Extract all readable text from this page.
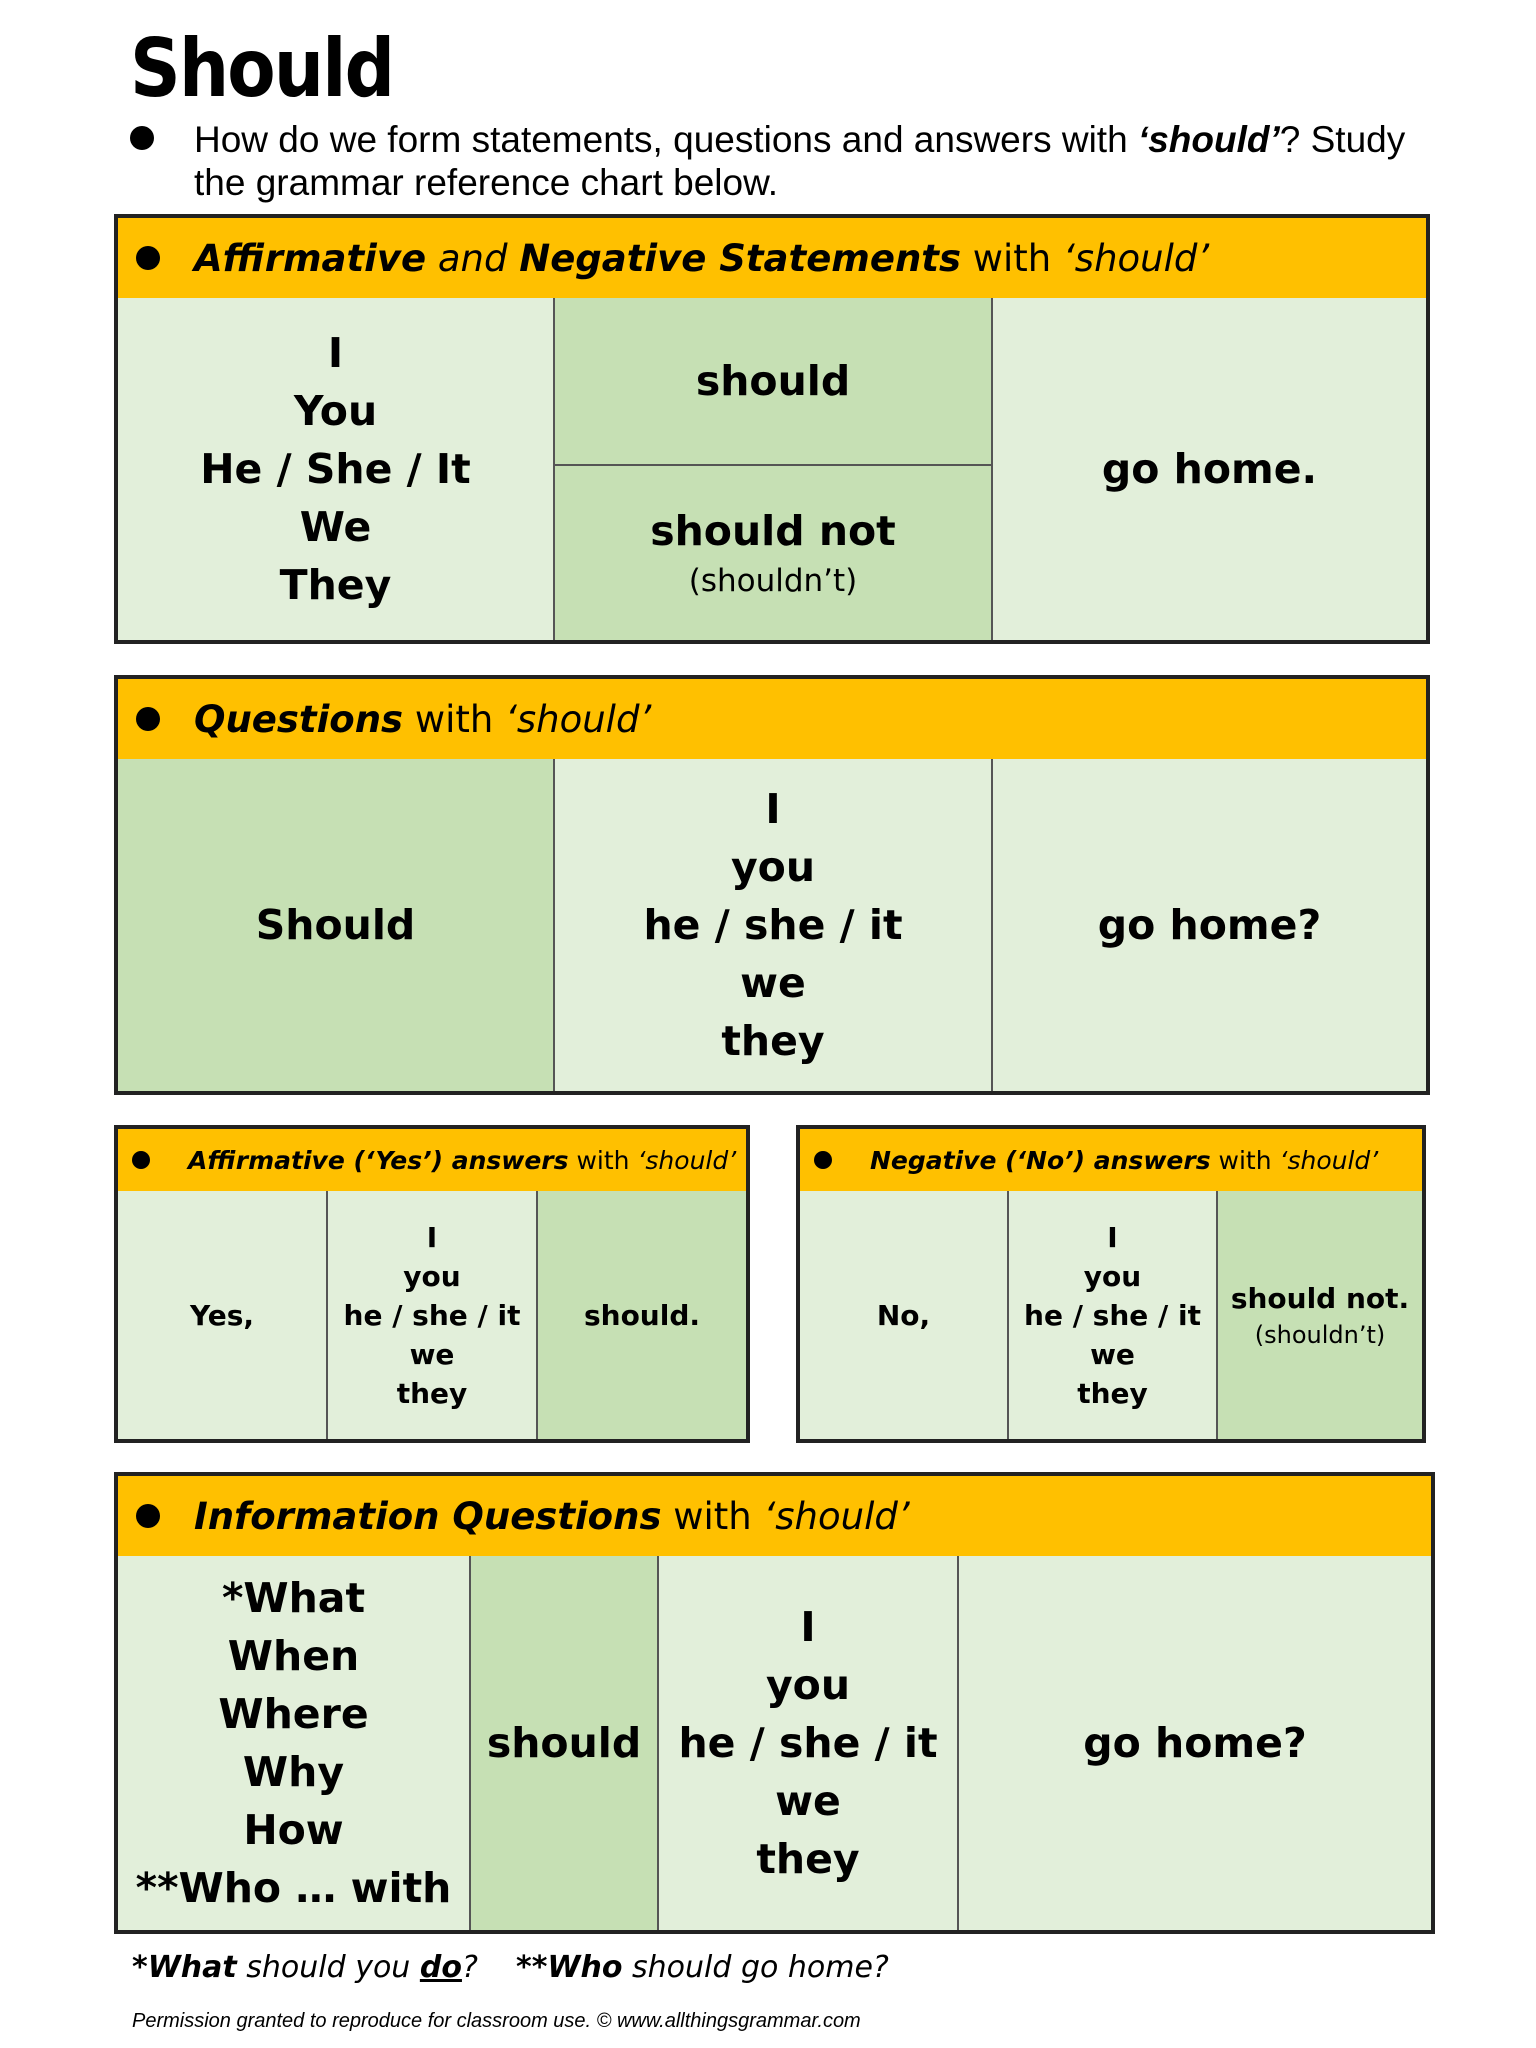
Should
How do we form statements, questions and answers with ‘should’? Study the grammar reference chart below.
Affirmative and Negative Statements with ‘should’
I
You
He / She / It
We
They
should
should not
(shouldn’t)
go home.
Questions with ‘should’
Should
I
you
he / she / it
we
they
go home?
Affirmative (‘Yes’) answers with ‘should’
Yes,
I
you
he / she / it
we
they
should.
Negative (‘No’) answers with ‘should’
No,
I
you
he / she / it
we
they
should not.
(shouldn’t)
Information Questions with ‘should’
*What
When
Where
Why
How
**Who … with
should
I
you
he / she / it
we
they
go home?
*What should you do? **Who should go home?
Permission granted to reproduce for classroom use. © www.allthingsgrammar.com
